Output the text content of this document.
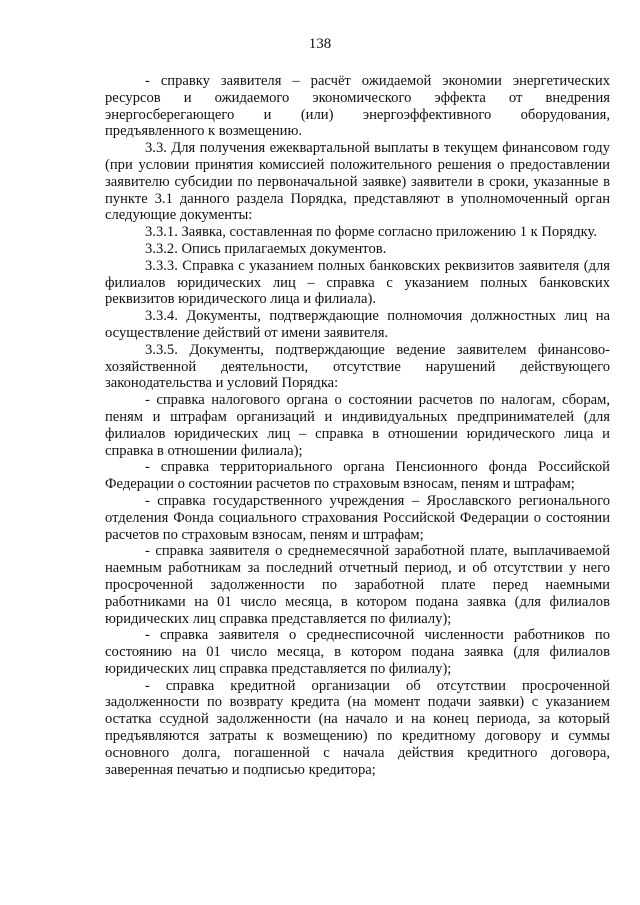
138

- справку заявителя – расчёт ожидаемой экономии энергетических ресурсов и ожидаемого экономического эффекта от внедрения энергосберегающего и (или) энергоэффективного оборудования, предъявленного к возмещению.

3.3. Для получения ежеквартальной выплаты в текущем финансовом году (при условии принятия комиссией положительного решения о предоставлении заявителю субсидии по первоначальной заявке) заявители в сроки, указанные в пункте 3.1 данного раздела Порядка, представляют в уполномоченный орган следующие документы:

3.3.1. Заявка, составленная по форме согласно приложению 1 к Порядку.

3.3.2. Опись прилагаемых документов.

3.3.3. Справка с указанием полных банковских реквизитов заявителя (для филиалов юридических лиц – справка с указанием полных банковских реквизитов юридического лица и филиала).

3.3.4. Документы, подтверждающие полномочия должностных лиц на осуществление действий от имени заявителя.

3.3.5. Документы, подтверждающие ведение заявителем финансово-хозяйственной деятельности, отсутствие нарушений действующего законодательства и условий Порядка:

- справка налогового органа о состоянии расчетов по налогам, сборам, пеням и штрафам организаций и индивидуальных предпринимателей (для филиалов юридических лиц – справка в отношении юридического лица и справка в отношении филиала);

- справка территориального органа Пенсионного фонда Российской Федерации о состоянии расчетов по страховым взносам, пеням и штрафам;

- справка государственного учреждения – Ярославского регионального отделения Фонда социального страхования Российской Федерации о состоянии расчетов по страховым взносам, пеням и штрафам;

- справка заявителя о среднемесячной заработной плате, выплачиваемой наемным работникам за последний отчетный период, и об отсутствии у него просроченной задолженности по заработной плате перед наемными работниками на 01 число месяца, в котором подана заявка (для филиалов юридических лиц справка представляется по филиалу);

- справка заявителя о среднесписочной численности работников по состоянию на 01 число месяца, в котором подана заявка (для филиалов юридических лиц справка представляется по филиалу);

- справка кредитной организации об отсутствии просроченной задолженности по возврату кредита (на момент подачи заявки) с указанием остатка ссудной задолженности (на начало и на конец периода, за который предъявляются затраты к возмещению) по кредитному договору и суммы основного долга, погашенной с начала действия кредитного договора, заверенная печатью и подписью кредитора;
